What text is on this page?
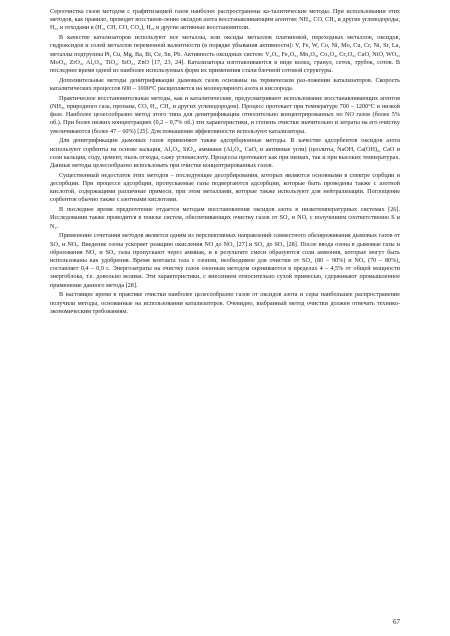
Сероочистка газов методом с графитизацией газов наиболее распространены ка-талитические методы. При использовании этих методов, как правило, проводят восстанов-ление оксидов азота восстанавливающим агентом: NH₃, CO, CH₄ и другие углеводороды, H₂, и отходами в (H₂, CH, CO, CO₂), H₂, и другие активные восстановители.

В качестве катализаторов используют все металлы, или оксиды металлов платиновой, переходных металлов, оксидов, гидроксидов и солей металлов переменной валентности (в порядке убывания активности): V, Fe, W, Co, Ni, Mo, Cu, Cr, Ni, Sr, La, металлы подгруппы Pt, Cu, Mg, Ba, Bi, Ce, Sn, Pb. Активность оксидных систем: V₂O₅, Fe₂O₃, Mn₂O₃, Co₃O₄, Cr₂O₃, CuO, NiO, WO₃, MoO₃, ZrO₂, Al₂O₃, TiO₂, SiO₂, ZnO [17, 23, 24]. Катализаторы изготавливаются в виде колец, гранул, сеток, трубок, сотов. В последнее время одной из наиболее используемых форм их применения стали блочной сотовой структуры.

Дополнительные методы денитрификации дымовых газов основаны на термическом раз-ложении катализаторов. Скорость каталитических процессов 600 – 1000°C расщепляется на молекулярного азота и кислорода.

Практическое восстановительные методы, как и каталитические, предусматривают использование восстанавливающих агентов (NH₃, природного газа, пропана, CO, H₂, CH₄ и других углеводородов). Процесс протекает при температуре 700 – 1200°C и низкой фазе. Наиболее целесообразно метод этого типа для денитрификации относительно концентрированных по NO газов (более 5% об.). При более низких концентрациях (0,2 – 0,7% об.) эти характеристики, и степень очистки значительно и затраты на его очистку увеличиваются (более 47 – 60%) [25]. Для повышения эффективности используют катализаторы.

Для денитрификации дымовых газов применяют также адсорбционные методы. В качестве адсорбентов оксидов азота используют сорбенты на основе кальция, Al₂O₃, SiO₂, аммиаки (Al₂O₃, CaO, и активные угли) (цеолиты, NaOH, Ca(OH)₂, CaO и соли кальция, соду, цемент, пыль отходы, сажу углекислоту. Процессы протекают как при низких, так и при высоких температурах. Данные методы целесообразно использовать при очистке концентрированных газов.

Существенный недостаток этих методов – последующее десорбирования, которых являются основными в спектре сорбции и десорбции. При процессе адсорбции, пропускаемые газы подвергаются адсорбции, которые быть проведены также с азотной кислотой, содержащими различные примеси, при этом металлами, которые также используют для нейтрализации. Поглощение сорбентов обычно также с азотными кислотами.

В последнее время предпочтение отдается методам восстановления оксидов азота в низкотемпературных системах [26]. Исследования также проводятся в поиске систем, обеспечивающих очистку газов от SO₂ и NO, с получением соответственно S и N₂.

Применение сочетания методов является одним из перспективных направлений совместного обезвреживания дымовых газов от SO₂ и NOₓ. Введение озона ускоряет реакцию окисления NO до NO₂ [27] и SO₂ до SO₃ [28]. После ввода озона в дымовые газы и образования NO₂ и SO₃ газы пропускают через аммиак, и в результате смеси образуются соли аммония, которые могут быть использованы как удобрения. Время контакта газа с озоном, необходимое для очистки от SO₂ (80 – 90%) и NOₓ (70 – 80%), составляет 0,4 – 0,9 с. Энергозатраты на очистку газов озонным методом оцениваются в пределах 4 – 4,5% от общей мощности энергоблока, т.е. довольно велики. Эти характеристики, с внесением относительно сухой примесью, сдерживают промышленное применение данного метода [28].

В настоящее время в практике очистки наиболее целесообразно газов от оксидов азота и серы наибольшее распространение получили методы, основанные на использовании катализаторов. Очевидно, выбранный метод очистки должен отвечать технико-экономическим требованиям.

67
